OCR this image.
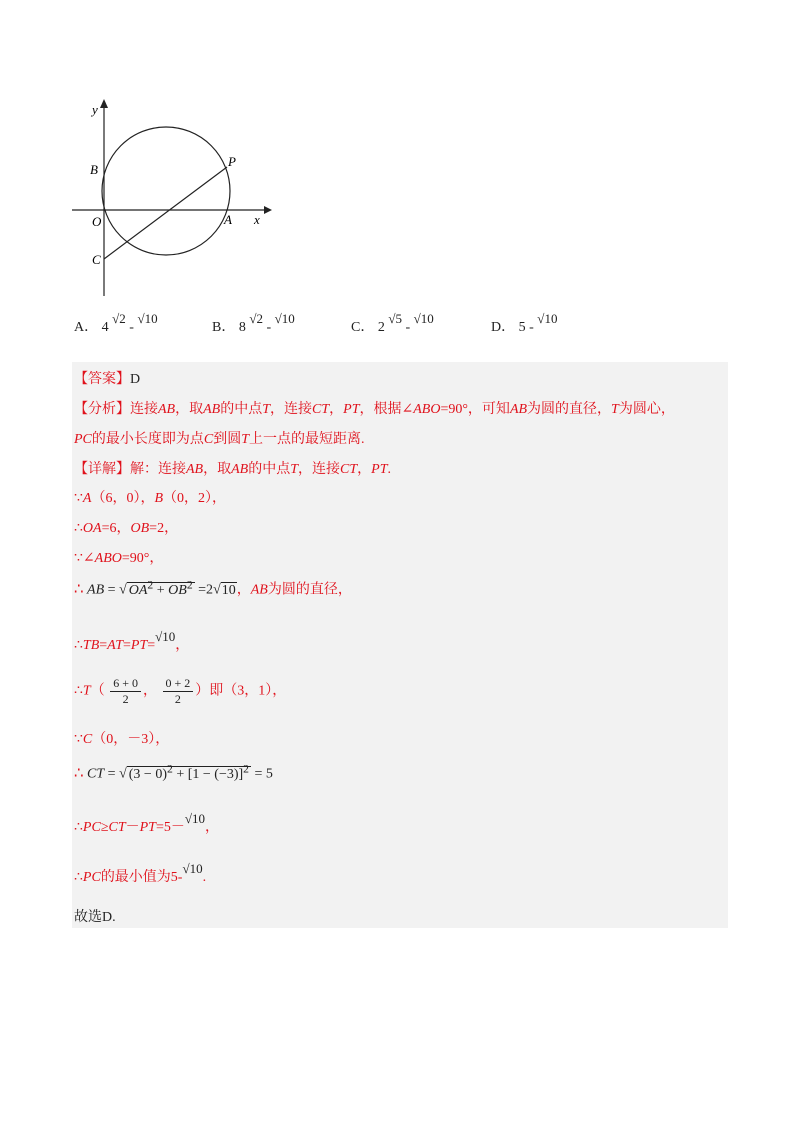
y
x
B
P
O	A
C
A． 4 √2 - √10
B． 8 √2 - √10
C． 2 √5 - √10
D． 5 - √10
【答案】D
【分析】连接AB，取AB的中点T，连接CT，PT，根据∠ABO=90°，可知AB为圆的直径，T为圆心，
PC的最小长度即为点C到圆T上一点的最短距离.
【详解】解：连接AB，取AB的中点T，连接CT，PT.
∵A（6，0），B（0，2），
∴OA=6，OB=2，
∵∠ABO=90°，
∴ AB = √ $OA^2 + OB^2 =2√10$，AB为圆的直径，
∴TB=AT=PT=√10，
∴T（ $\frac{6 + 0}{2}$ ， $\frac{0 + 2}{2}$ ）即（3，1），
∵C（0，－3），
∴ CT = √ $(3 - 0)^2 + [1 - (-3)]^2 = 5$
∴PC≥CT－PT=5－√10，
∴PC的最小值为5-√10.
故选D.
